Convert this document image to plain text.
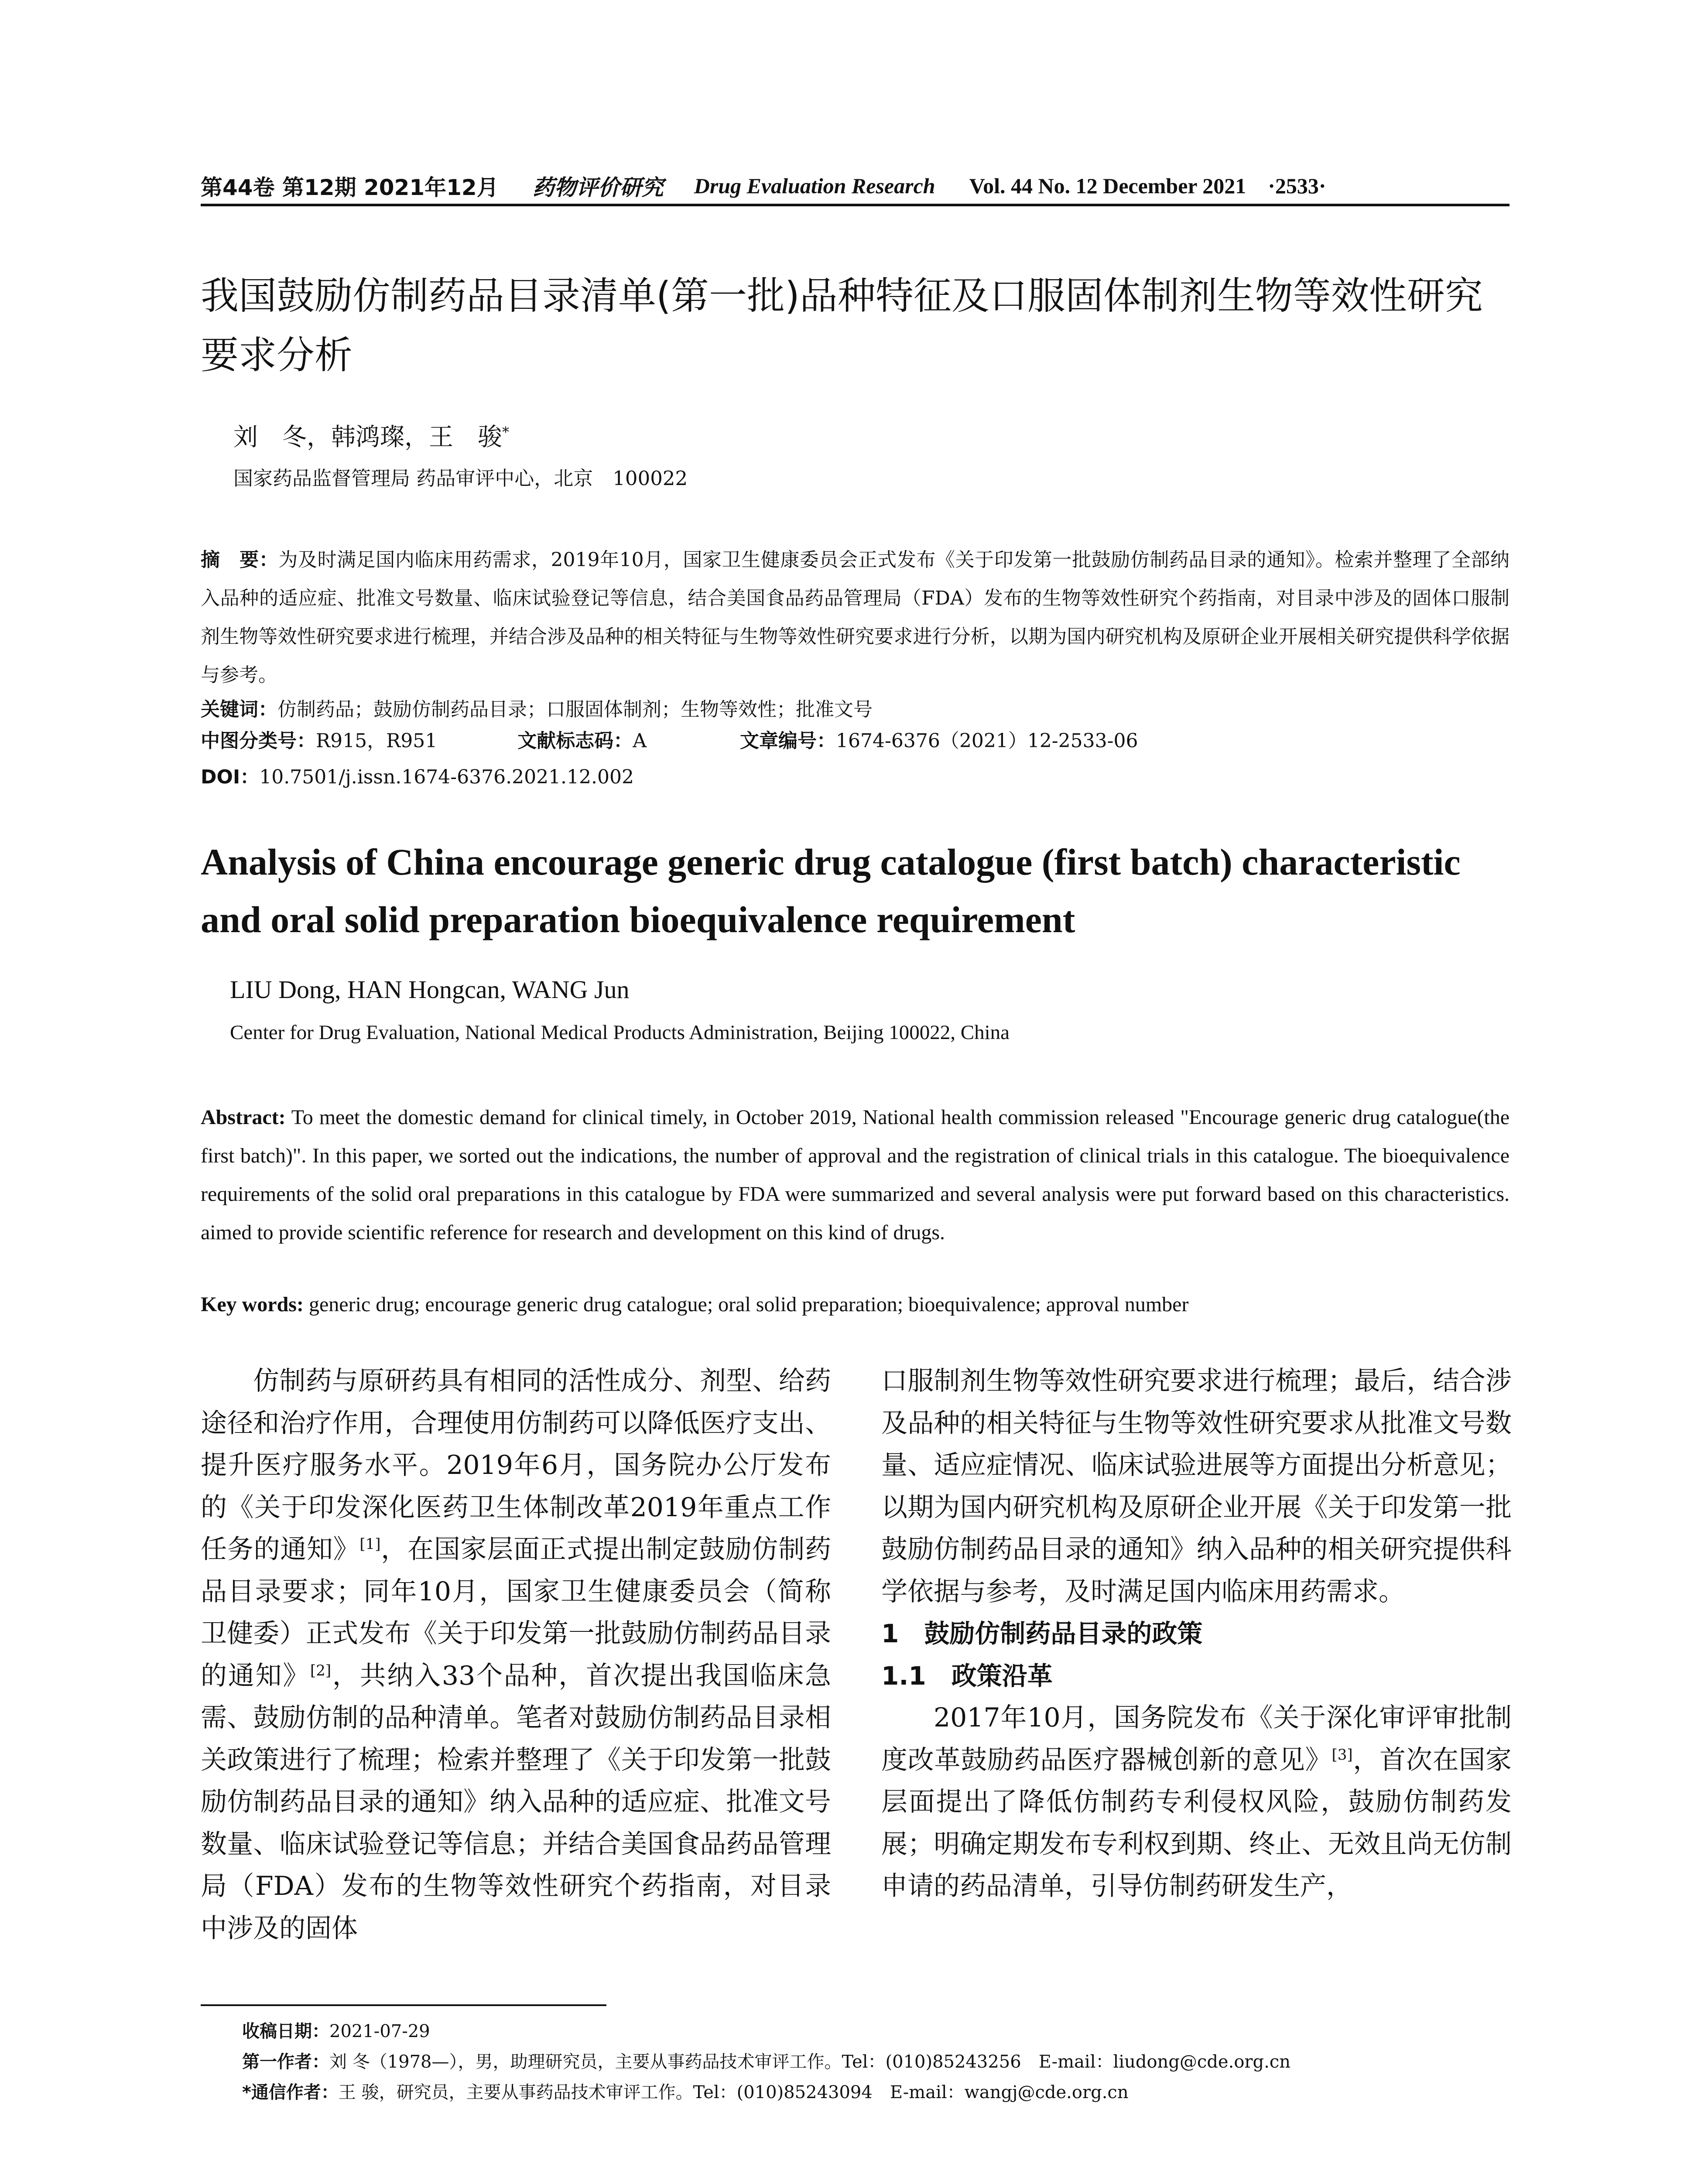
第44卷 第12期 2021年12月 药物评价研究 Drug Evaluation Research Vol. 44 No. 12 December 2021 ·2533·
我国鼓励仿制药品目录清单(第一批)品种特征及口服固体制剂生物等效性研究要求分析
刘　冬，韩鸿璨，王　骏*
国家药品监督管理局 药品审评中心，北京　100022
摘　要：为及时满足国内临床用药需求，2019年10月，国家卫生健康委员会正式发布《关于印发第一批鼓励仿制药品目录的通知》。检索并整理了全部纳入品种的适应症、批准文号数量、临床试验登记等信息，结合美国食品药品管理局（FDA）发布的生物等效性研究个药指南，对目录中涉及的固体口服制剂生物等效性研究要求进行梳理，并结合涉及品种的相关特征与生物等效性研究要求进行分析，以期为国内研究机构及原研企业开展相关研究提供科学依据与参考。
关键词：仿制药品；鼓励仿制药品目录；口服固体制剂；生物等效性；批准文号
中图分类号：R915，R951	文献标志码：A	文章编号：1674-6376（2021）12-2533-06
DOI：10.7501/j.issn.1674-6376.2021.12.002
Analysis of China encourage generic drug catalogue (first batch) characteristic and oral solid preparation bioequivalence requirement
LIU Dong, HAN Hongcan, WANG Jun
Center for Drug Evaluation, National Medical Products Administration, Beijing 100022, China
Abstract: To meet the domestic demand for clinical timely, in October 2019, National health commission released "Encourage generic drug catalogue(the first batch)". In this paper, we sorted out the indications, the number of approval and the registration of clinical trials in this catalogue. The bioequivalence requirements of the solid oral preparations in this catalogue by FDA were summarized and several analysis were put forward based on this characteristics. aimed to provide scientific reference for research and development on this kind of drugs.
Key words: generic drug; encourage generic drug catalogue; oral solid preparation; bioequivalence; approval number

仿制药与原研药具有相同的活性成分、剂型、给药途径和治疗作用，合理使用仿制药可以降低医疗支出、提升医疗服务水平。2019年6月，国务院办公厅发布的《关于印发深化医药卫生体制改革2019年重点工作任务的通知》[1]，在国家层面正式提出制定鼓励仿制药品目录要求；同年10月，国家卫生健康委员会（简称卫健委）正式发布《关于印发第一批鼓励仿制药品目录的通知》[2]，共纳入33个品种，首次提出我国临床急需、鼓励仿制的品种清单。笔者对鼓励仿制药品目录相关政策进行了梳理；检索并整理了《关于印发第一批鼓励仿制药品目录的通知》纳入品种的适应症、批准文号数量、临床试验登记等信息；并结合美国食品药品管理局（FDA）发布的生物等效性研究个药指南，对目录中涉及的固体

口服制剂生物等效性研究要求进行梳理；最后，结合涉及品种的相关特征与生物等效性研究要求从批准文号数量、适应症情况、临床试验进展等方面提出分析意见；以期为国内研究机构及原研企业开展《关于印发第一批鼓励仿制药品目录的通知》纳入品种的相关研究提供科学依据与参考，及时满足国内临床用药需求。

1　鼓励仿制药品目录的政策
1.1　政策沿革

2017年10月，国务院发布《关于深化审评审批制度改革鼓励药品医疗器械创新的意见》[3]，首次在国家层面提出了降低仿制药专利侵权风险，鼓励仿制药发展；明确定期发布专利权到期、终止、无效且尚无仿制申请的药品清单，引导仿制药研发生产，

收稿日期：2021-07-29
第一作者：刘 冬（1978—），男，助理研究员，主要从事药品技术审评工作。Tel：(010)85243256　E-mail：liudong@cde.org.cn
*通信作者：王 骏，研究员，主要从事药品技术审评工作。Tel：(010)85243094　E-mail：wangj@cde.org.cn
